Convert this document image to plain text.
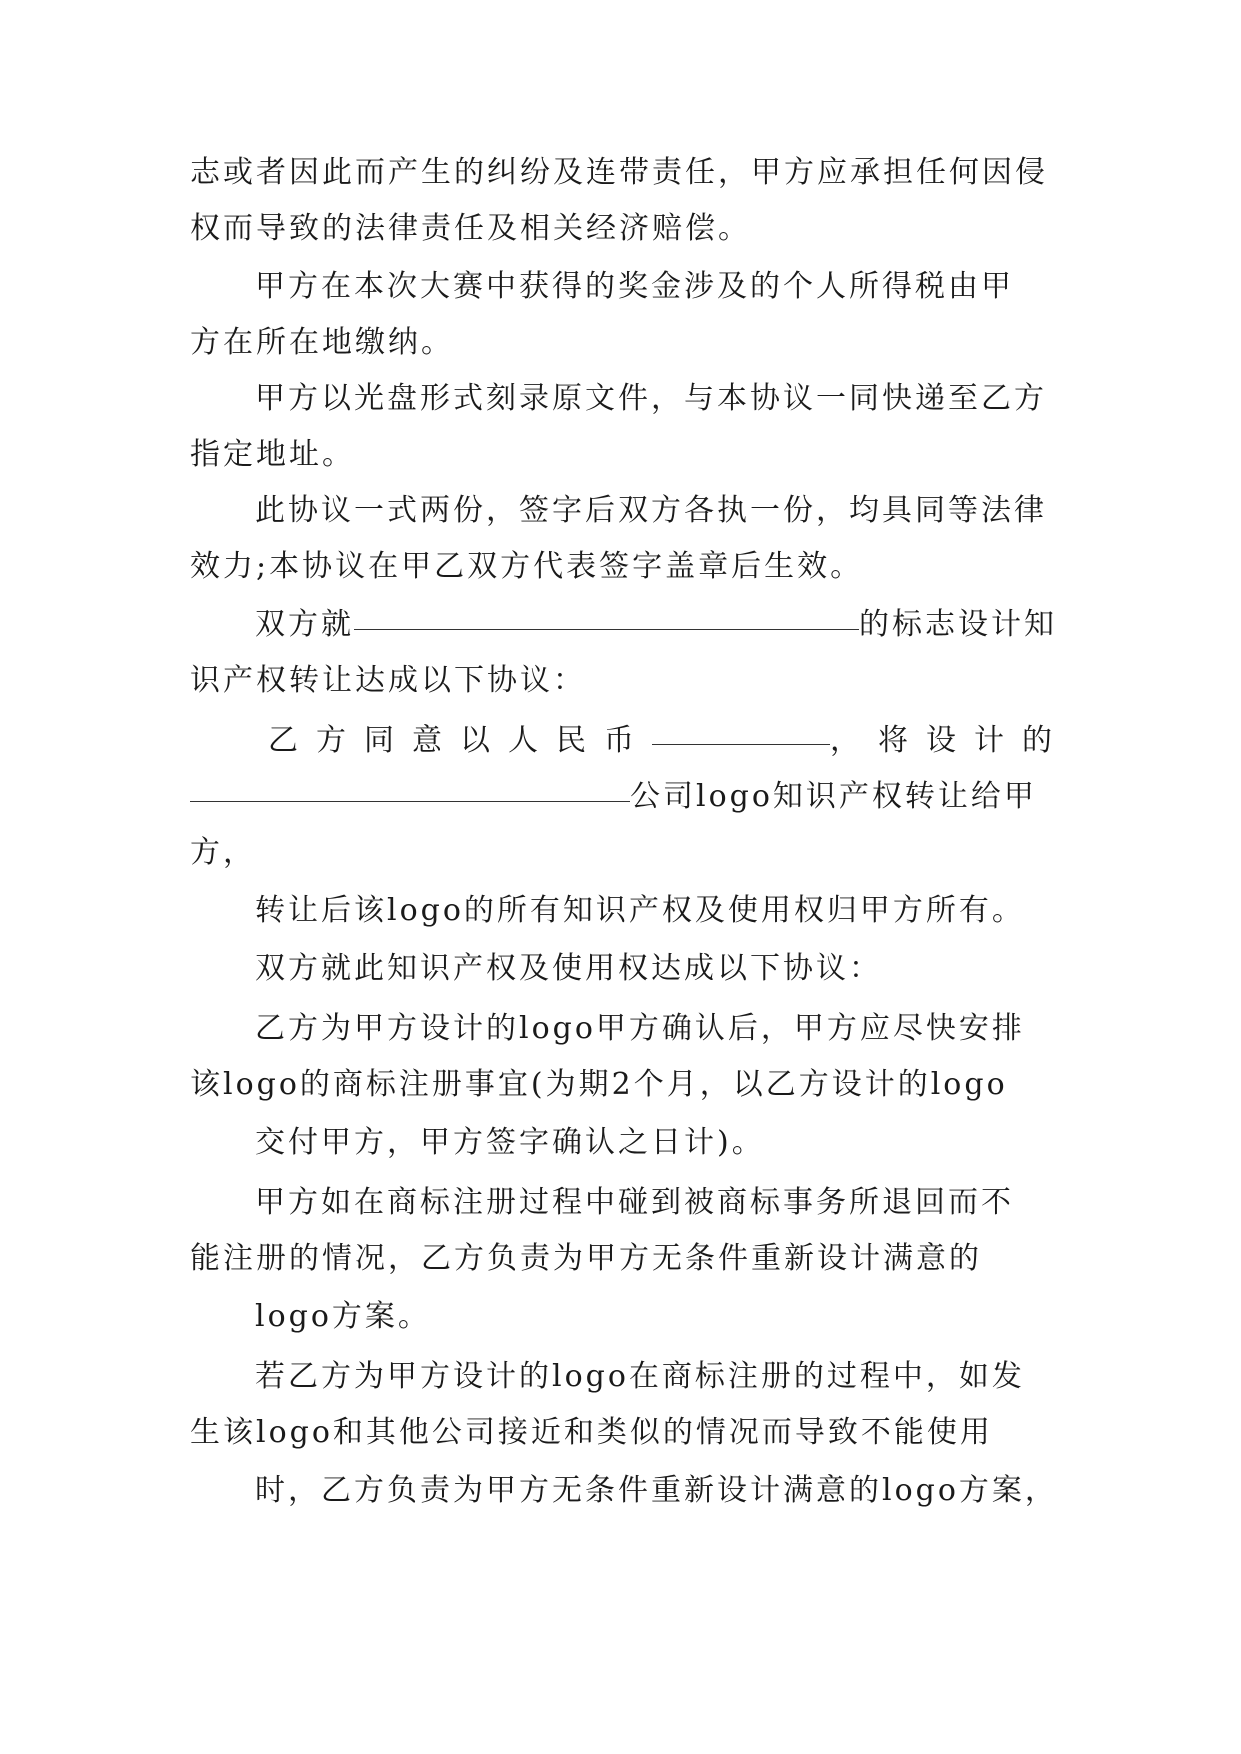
志或者因此而产生的纠纷及连带责任，甲方应承担任何因侵
权而导致的法律责任及相关经济赔偿。
甲方在本次大赛中获得的奖金涉及的个人所得税由甲
方在所在地缴纳。
甲方以光盘形式刻录原文件，与本协议一同快递至乙方
指定地址。
此协议一式两份，签字后双方各执一份，均具同等法律
效力;本协议在甲乙双方代表签字盖章后生效。
双方就	的标志设计知
识产权转让达成以下协议：
乙方同意以人民币	，将设计的
公司logo知识产权转让给甲
方，
转让后该logo的所有知识产权及使用权归甲方所有。
双方就此知识产权及使用权达成以下协议：
乙方为甲方设计的logo甲方确认后，甲方应尽快安排
该logo的商标注册事宜(为期2个月，以乙方设计的logo
交付甲方，甲方签字确认之日计)。
甲方如在商标注册过程中碰到被商标事务所退回而不
能注册的情况，乙方负责为甲方无条件重新设计满意的
logo方案。
若乙方为甲方设计的logo在商标注册的过程中，如发
生该logo和其他公司接近和类似的情况而导致不能使用
时，乙方负责为甲方无条件重新设计满意的logo方案，
